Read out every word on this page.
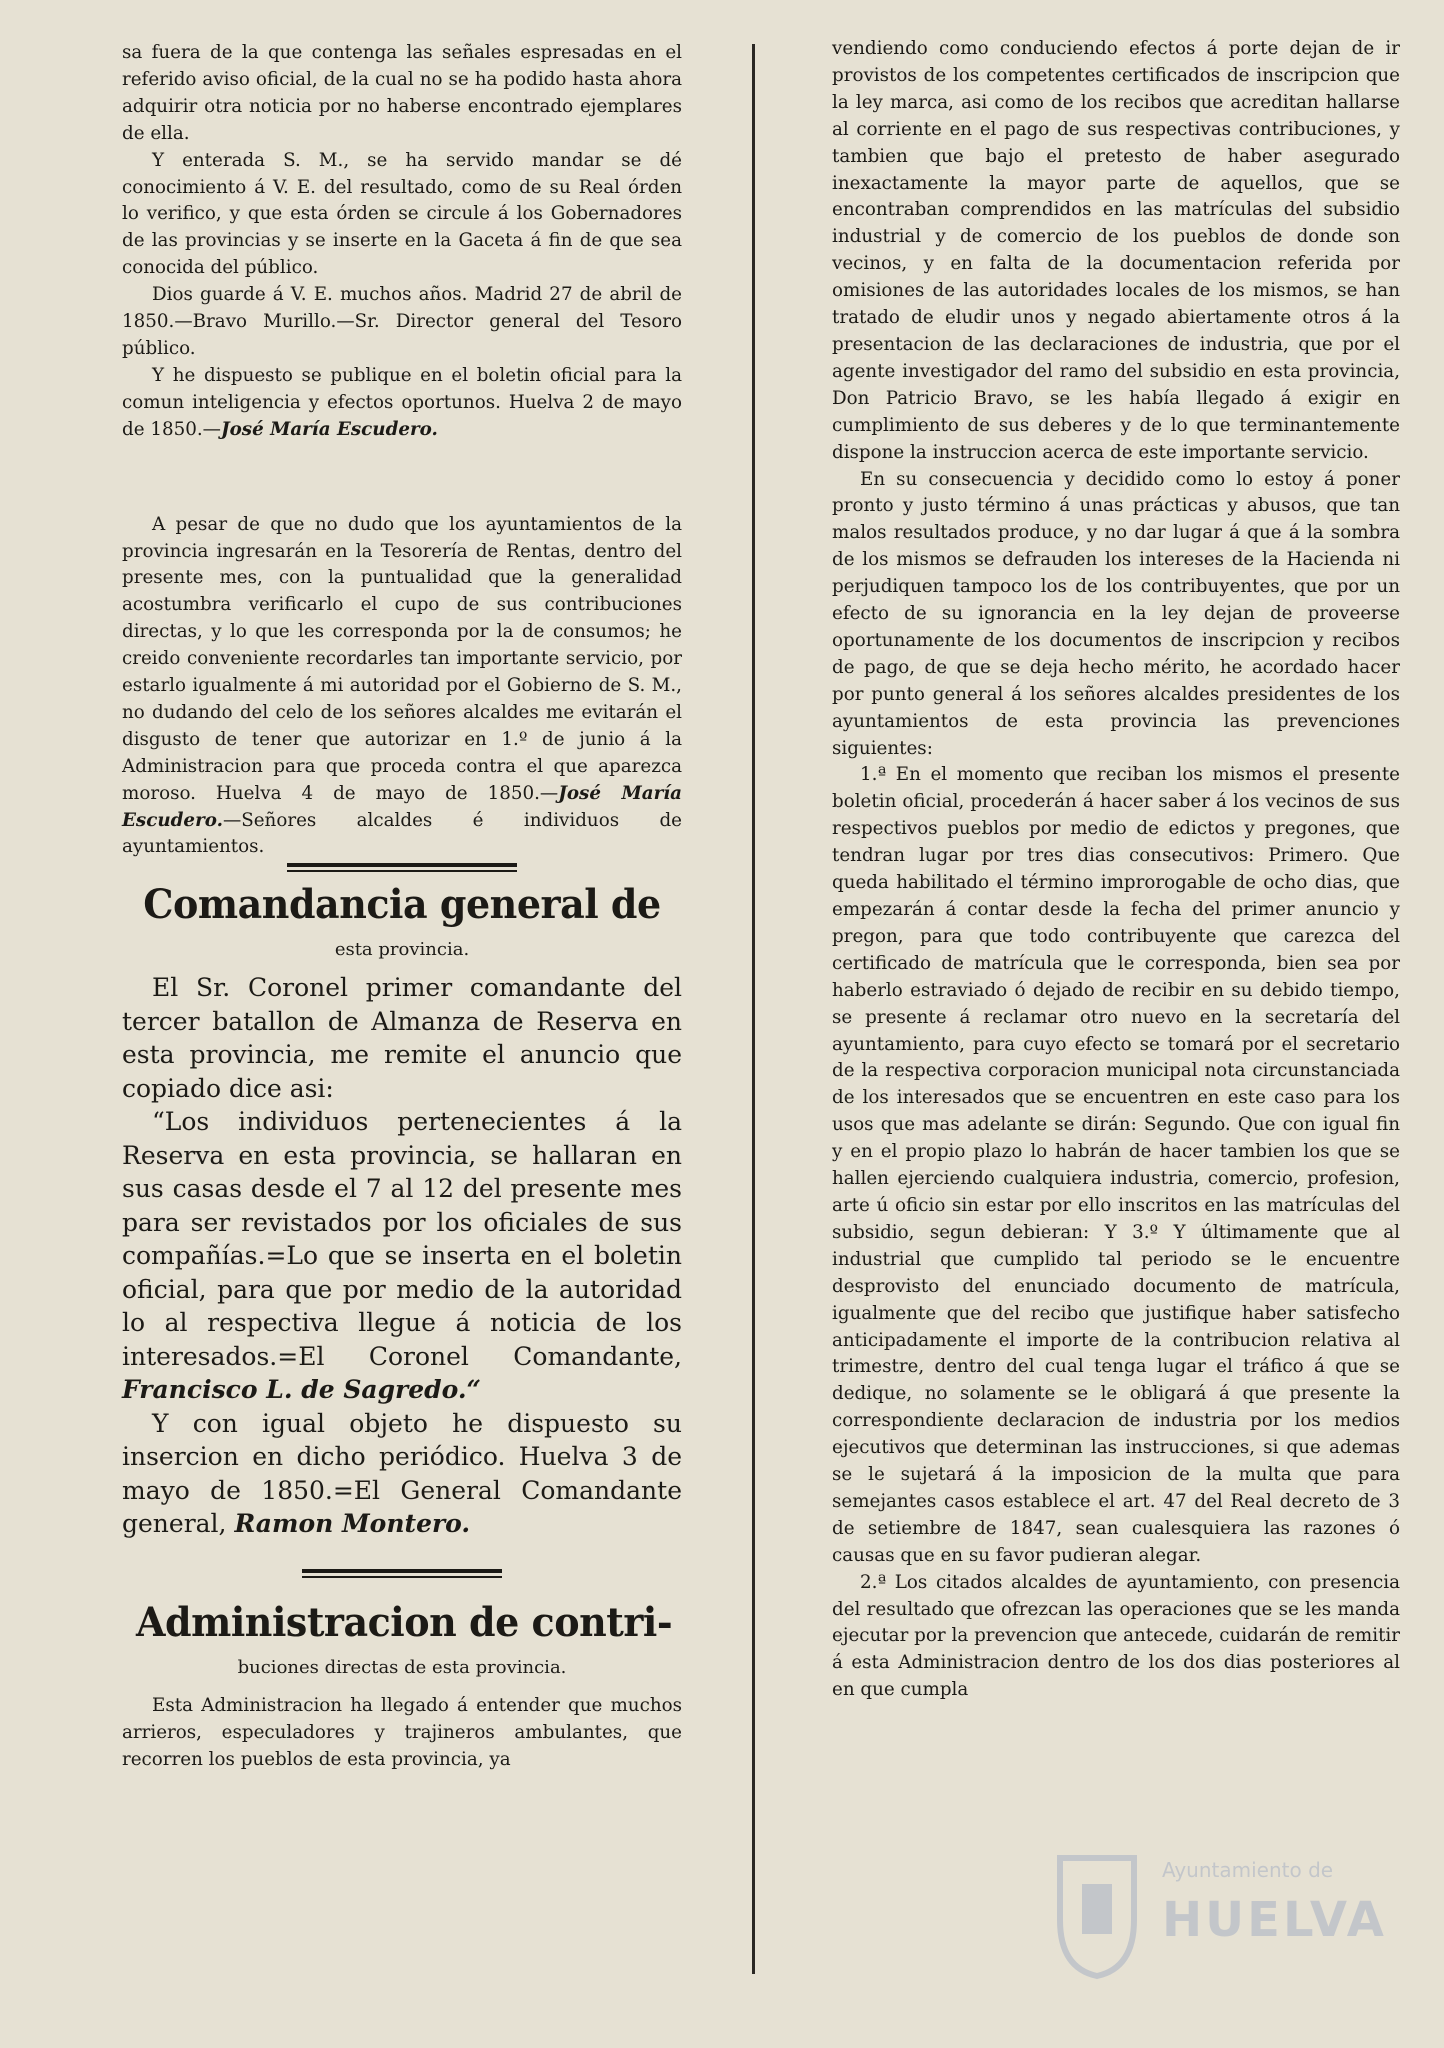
sa fuera de la que contenga las señales espresadas en el referido aviso oficial, de la cual no se ha podido hasta ahora adquirir otra noticia por no haberse encontrado ejemplares de ella.

Y enterada S. M., se ha servido mandar se dé conocimiento á V. E. del resultado, como de su Real órden lo verifico, y que esta órden se circule á los Gobernadores de las provincias y se inserte en la Gaceta á fin de que sea conocida del público.

Dios guarde á V. E. muchos años. Madrid 27 de abril de 1850.—Bravo Murillo.—Sr. Director general del Tesoro público.

Y he dispuesto se publique en el boletin oficial para la comun inteligencia y efectos oportunos. Huelva 2 de mayo de 1850.—José María Escudero.

A pesar de que no dudo que los ayuntamientos de la provincia ingresarán en la Tesorería de Rentas, dentro del presente mes, con la puntualidad que la generalidad acostumbra verificarlo el cupo de sus contribuciones directas, y lo que les corresponda por la de consumos; he creido conveniente recordarles tan importante servicio, por estarlo igualmente á mi autoridad por el Gobierno de S. M., no dudando del celo de los señores alcaldes me evitarán el disgusto de tener que autorizar en 1.º de junio á la Administracion para que proceda contra el que aparezca moroso. Huelva 4 de mayo de 1850.—José María Escudero.—Señores alcaldes é individuos de ayuntamientos.

Comandancia general de
esta provincia.

El Sr. Coronel primer comandante del tercer batallon de Almanza de Reserva en esta provincia, me remite el anuncio que copiado dice asi:

“Los individuos pertenecientes á la Reserva en esta provincia, se hallaran en sus casas desde el 7 al 12 del presente mes para ser revistados por los oficiales de sus compañías.=Lo que se inserta en el boletin oficial, para que por medio de la autoridad lo al respectiva llegue á noticia de los interesados.=El Coronel Comandante, Francisco L. de Sagredo.“

Y con igual objeto he dispuesto su insercion en dicho periódico. Huelva 3 de mayo de 1850.=El General Comandante general, Ramon Montero.

Administracion de contri-
buciones directas de esta provincia.

Esta Administracion ha llegado á entender que muchos arrieros, especuladores y trajineros ambulantes, que recorren los pueblos de esta provincia, ya

vendiendo como conduciendo efectos á porte dejan de ir provistos de los competentes certificados de inscripcion que la ley marca, asi como de los recibos que acreditan hallarse al corriente en el pago de sus respectivas contribuciones, y tambien que bajo el pretesto de haber asegurado inexactamente la mayor parte de aquellos, que se encontraban comprendidos en las matrículas del subsidio industrial y de comercio de los pueblos de donde son vecinos, y en falta de la documentacion referida por omisiones de las autoridades locales de los mismos, se han tratado de eludir unos y negado abiertamente otros á la presentacion de las declaraciones de industria, que por el agente investigador del ramo del subsidio en esta provincia, Don Patricio Bravo, se les había llegado á exigir en cumplimiento de sus deberes y de lo que terminantemente dispone la instruccion acerca de este importante servicio.

En su consecuencia y decidido como lo estoy á poner pronto y justo término á unas prácticas y abusos, que tan malos resultados produce, y no dar lugar á que á la sombra de los mismos se defrauden los intereses de la Hacienda ni perjudiquen tampoco los de los contribuyentes, que por un efecto de su ignorancia en la ley dejan de proveerse oportunamente de los documentos de inscripcion y recibos de pago, de que se deja hecho mérito, he acordado hacer por punto general á los señores alcaldes presidentes de los ayuntamientos de esta provincia las prevenciones siguientes:

1.ª En el momento que reciban los mismos el presente boletin oficial, procederán á hacer saber á los vecinos de sus respectivos pueblos por medio de edictos y pregones, que tendran lugar por tres dias consecutivos: Primero. Que queda habilitado el término improrogable de ocho dias, que empezarán á contar desde la fecha del primer anuncio y pregon, para que todo contribuyente que carezca del certificado de matrícula que le corresponda, bien sea por haberlo estraviado ó dejado de recibir en su debido tiempo, se presente á reclamar otro nuevo en la secretaría del ayuntamiento, para cuyo efecto se tomará por el secretario de la respectiva corporacion municipal nota circunstanciada de los interesados que se encuentren en este caso para los usos que mas adelante se dirán: Segundo. Que con igual fin y en el propio plazo lo habrán de hacer tambien los que se hallen ejerciendo cualquiera industria, comercio, profesion, arte ú oficio sin estar por ello inscritos en las matrículas del subsidio, segun debieran: Y 3.º Y últimamente que al industrial que cumplido tal periodo se le encuentre desprovisto del enunciado documento de matrícula, igualmente que del recibo que justifique haber satisfecho anticipadamente el importe de la contribucion relativa al trimestre, dentro del cual tenga lugar el tráfico á que se dedique, no solamente se le obligará á que presente la correspondiente declaracion de industria por los medios ejecutivos que determinan las instrucciones, si que ademas se le sujetará á la imposicion de la multa que para semejantes casos establece el art. 47 del Real decreto de 3 de setiembre de 1847, sean cualesquiera las razones ó causas que en su favor pudieran alegar.

2.ª Los citados alcaldes de ayuntamiento, con presencia del resultado que ofrezcan las operaciones que se les manda ejecutar por la prevencion que antecede, cuidarán de remitir á esta Administracion dentro de los dos dias posteriores al en que cumpla

Ayuntamiento de
HUELVA
